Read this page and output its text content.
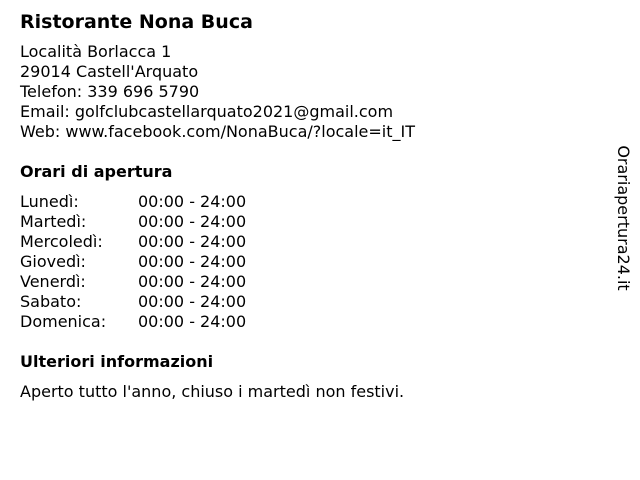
Ristorante Nona Buca
Località Borlacca 1
29014 Castell'Arquato
Telefon: 339 696 5790
Email: golfclubcastellarquato2021@gmail.com
Web: www.facebook.com/NonaBuca/?locale=it_IT
Orari di apertura
Lunedì:	00:00 - 24:00
Martedì:	00:00 - 24:00
Mercoledì:	00:00 - 24:00
Giovedì:	00:00 - 24:00
Venerdì:	00:00 - 24:00
Sabato:	00:00 - 24:00
Domenica:	00:00 - 24:00
Ulteriori informazioni
Aperto tutto l'anno, chiuso i martedì non festivi.
Orariapertura24.it
